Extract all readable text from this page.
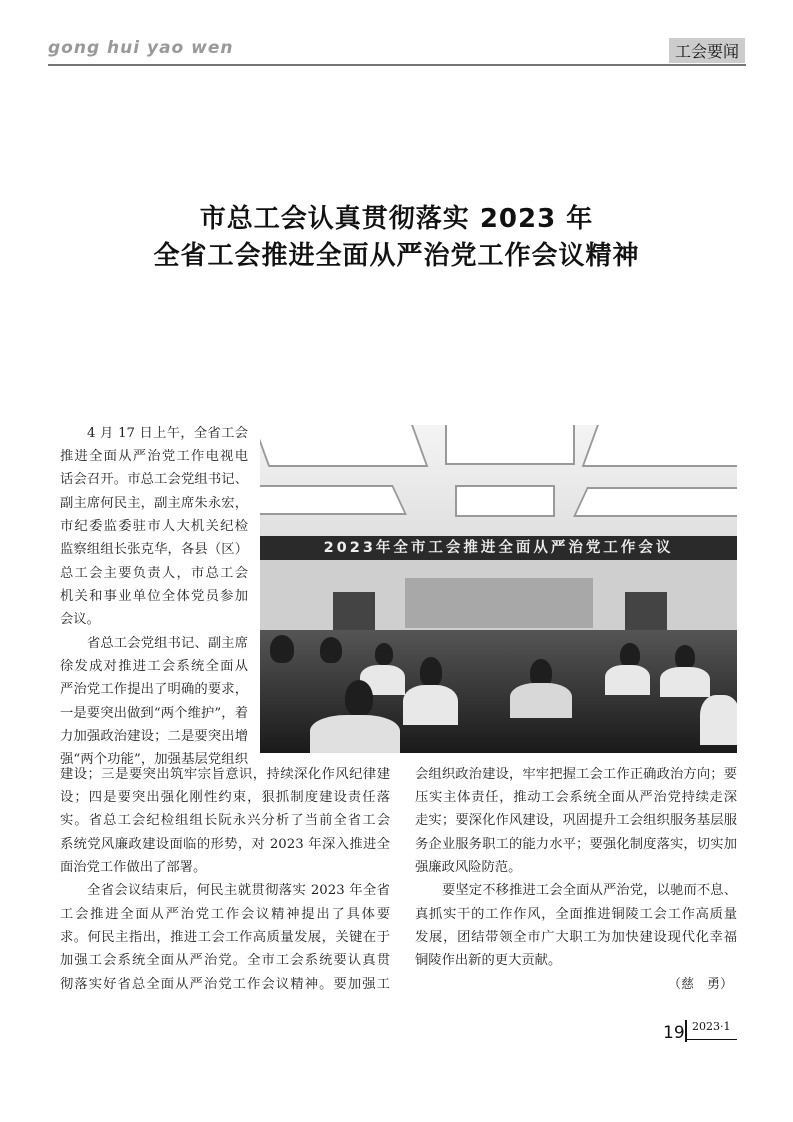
gong hui yao wen	工会要闻
市总工会认真贯彻落实 2023 年
全省工会推进全面从严治党工作会议精神
2023年全市工会推进全面从严治党工作会议
4 月 17 日上午，全省工会
推进全面从严治党工作电视电
话会召开。市总工会党组书记、
副主席何民主，副主席朱永宏，
市纪委监委驻市人大机关纪检
监察组组长张克华，各县（区）
总工会主要负责人，市总工会
机关和事业单位全体党员参加
会议。
省总工会党组书记、副主席
徐发成对推进工会系统全面从
严治党工作提出了明确的要求，
一是要突出做到“两个维护”，着
力加强政治建设；二是要突出增
强“两个功能”，加强基层党组织
建设；三是要突出筑牢宗旨意识，持续深化作风纪律建
设；四是要突出强化刚性约束，狠抓制度建设责任落
实。省总工会纪检组组长阮永兴分析了当前全省工会
系统党风廉政建设面临的形势，对 2023 年深入推进全
面治党工作做出了部署。
全省会议结束后，何民主就贯彻落实 2023 年全省
工会推进全面从严治党工作会议精神提出了具体要
求。何民主指出，推进工会工作高质量发展，关键在于
加强工会系统全面从严治党。全市工会系统要认真贯
彻落实好省总全面从严治党工作会议精神。要加强工
会组织政治建设，牢牢把握工会工作正确政治方向；要
压实主体责任，推动工会系统全面从严治党持续走深
走实；要深化作风建设，巩固提升工会组织服务基层服
务企业服务职工的能力水平；要强化制度落实，切实加
强廉政风险防范。
要坚定不移推进工会全面从严治党，以驰而不息、
真抓实干的工作作风，全面推进铜陵工会工作高质量
发展，团结带领全市广大职工为加快建设现代化幸福
铜陵作出新的更大贡献。
（慈　勇）
19 2023·1
